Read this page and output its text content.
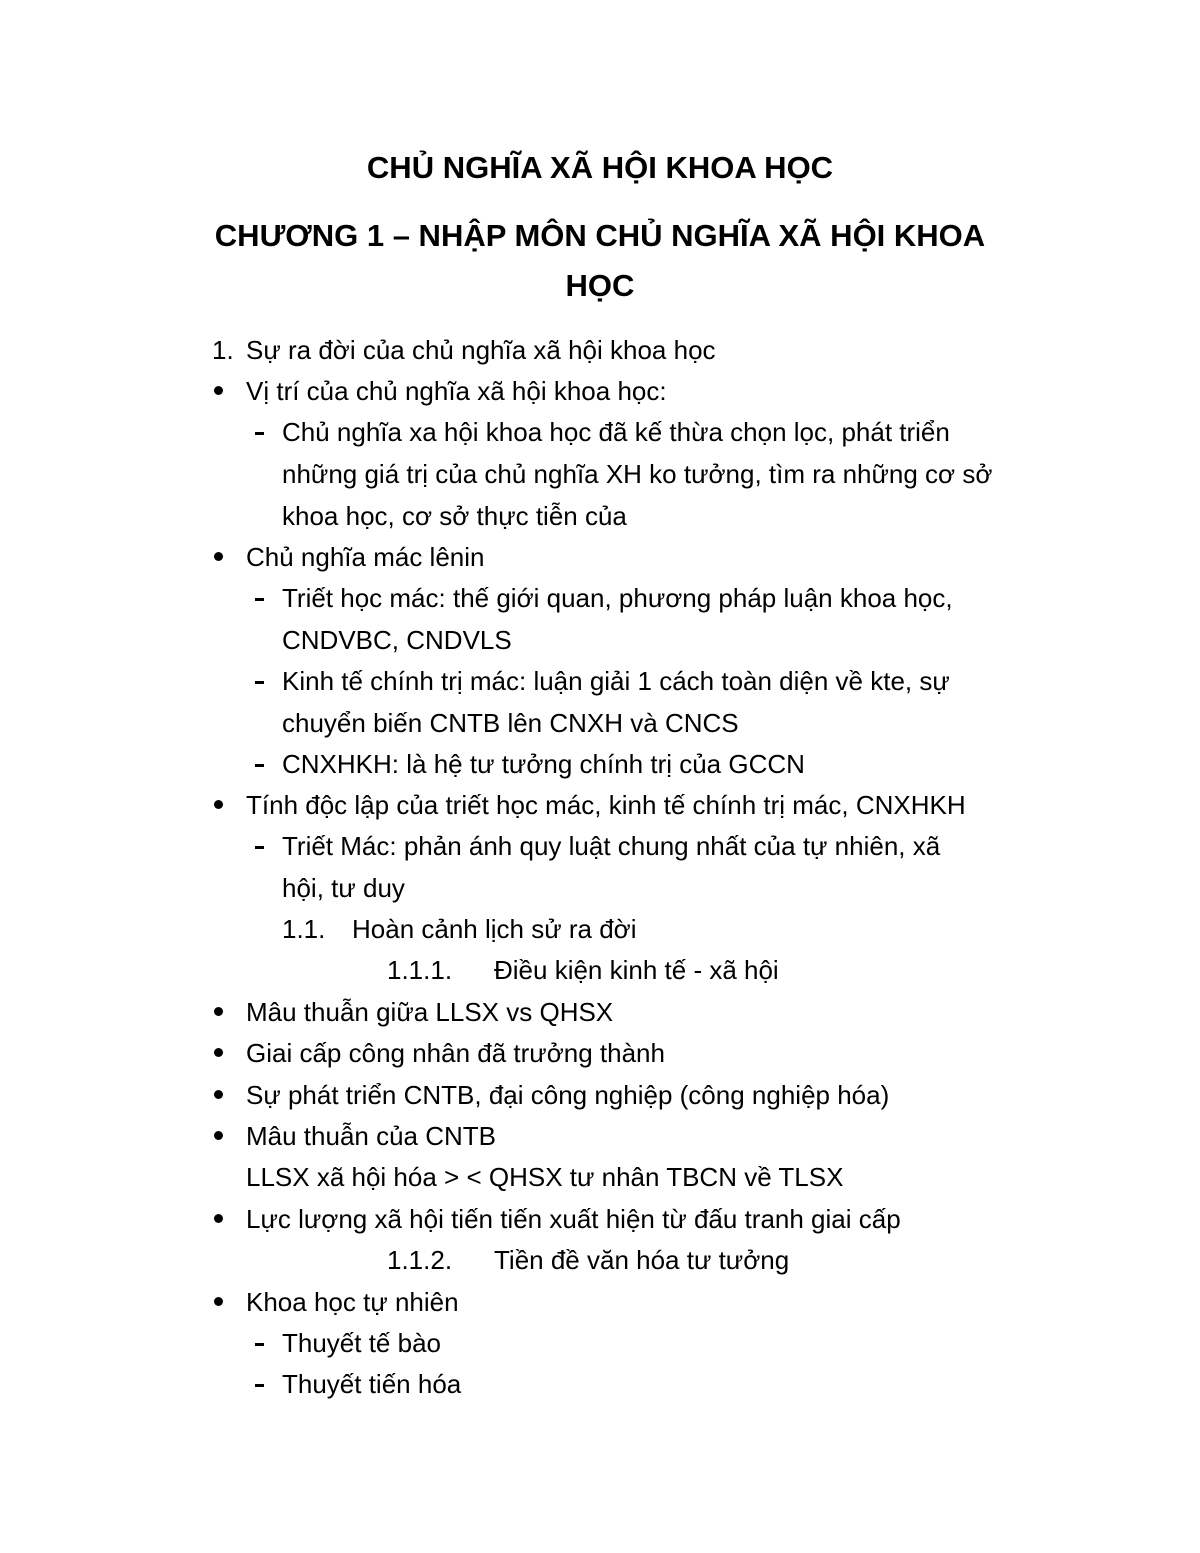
CHỦ NGHĨA XÃ HỘI KHOA HỌC
CHƯƠNG 1 – NHẬP MÔN CHỦ NGHĨA XÃ HỘI KHOA
HỌC
1. Sự ra đời của chủ nghĩa xã hội khoa học
Vị trí của chủ nghĩa xã hội khoa học:
Chủ nghĩa xa hội khoa học đã kế thừa chọn lọc, phát triển
những giá trị của chủ nghĩa XH ko tưởng, tìm ra những cơ sở
khoa học, cơ sở thực tiễn của
Chủ nghĩa mác lênin
Triết học mác: thế giới quan, phương pháp luận khoa học,
CNDVBC, CNDVLS
Kinh tế chính trị mác: luận giải 1 cách toàn diện về kte, sự
chuyển biến CNTB lên CNXH và CNCS
CNXHKH: là hệ tư tưởng chính trị của GCCN
Tính độc lập của triết học mác, kinh tế chính trị mác, CNXHKH
Triết Mác: phản ánh quy luật chung nhất của tự nhiên, xã
hội, tư duy
1.1. Hoàn cảnh lịch sử ra đời
1.1.1. Điều kiện kinh tế - xã hội
Mâu thuẫn giữa LLSX vs QHSX
Giai cấp công nhân đã trưởng thành
Sự phát triển CNTB, đại công nghiệp (công nghiệp hóa)
Mâu thuẫn của CNTB
LLSX xã hội hóa > < QHSX tư nhân TBCN về TLSX
Lực lượng xã hội tiến tiến xuất hiện từ đấu tranh giai cấp
1.1.2. Tiền đề văn hóa tư tưởng
Khoa học tự nhiên
Thuyết tế bào
Thuyết tiến hóa
